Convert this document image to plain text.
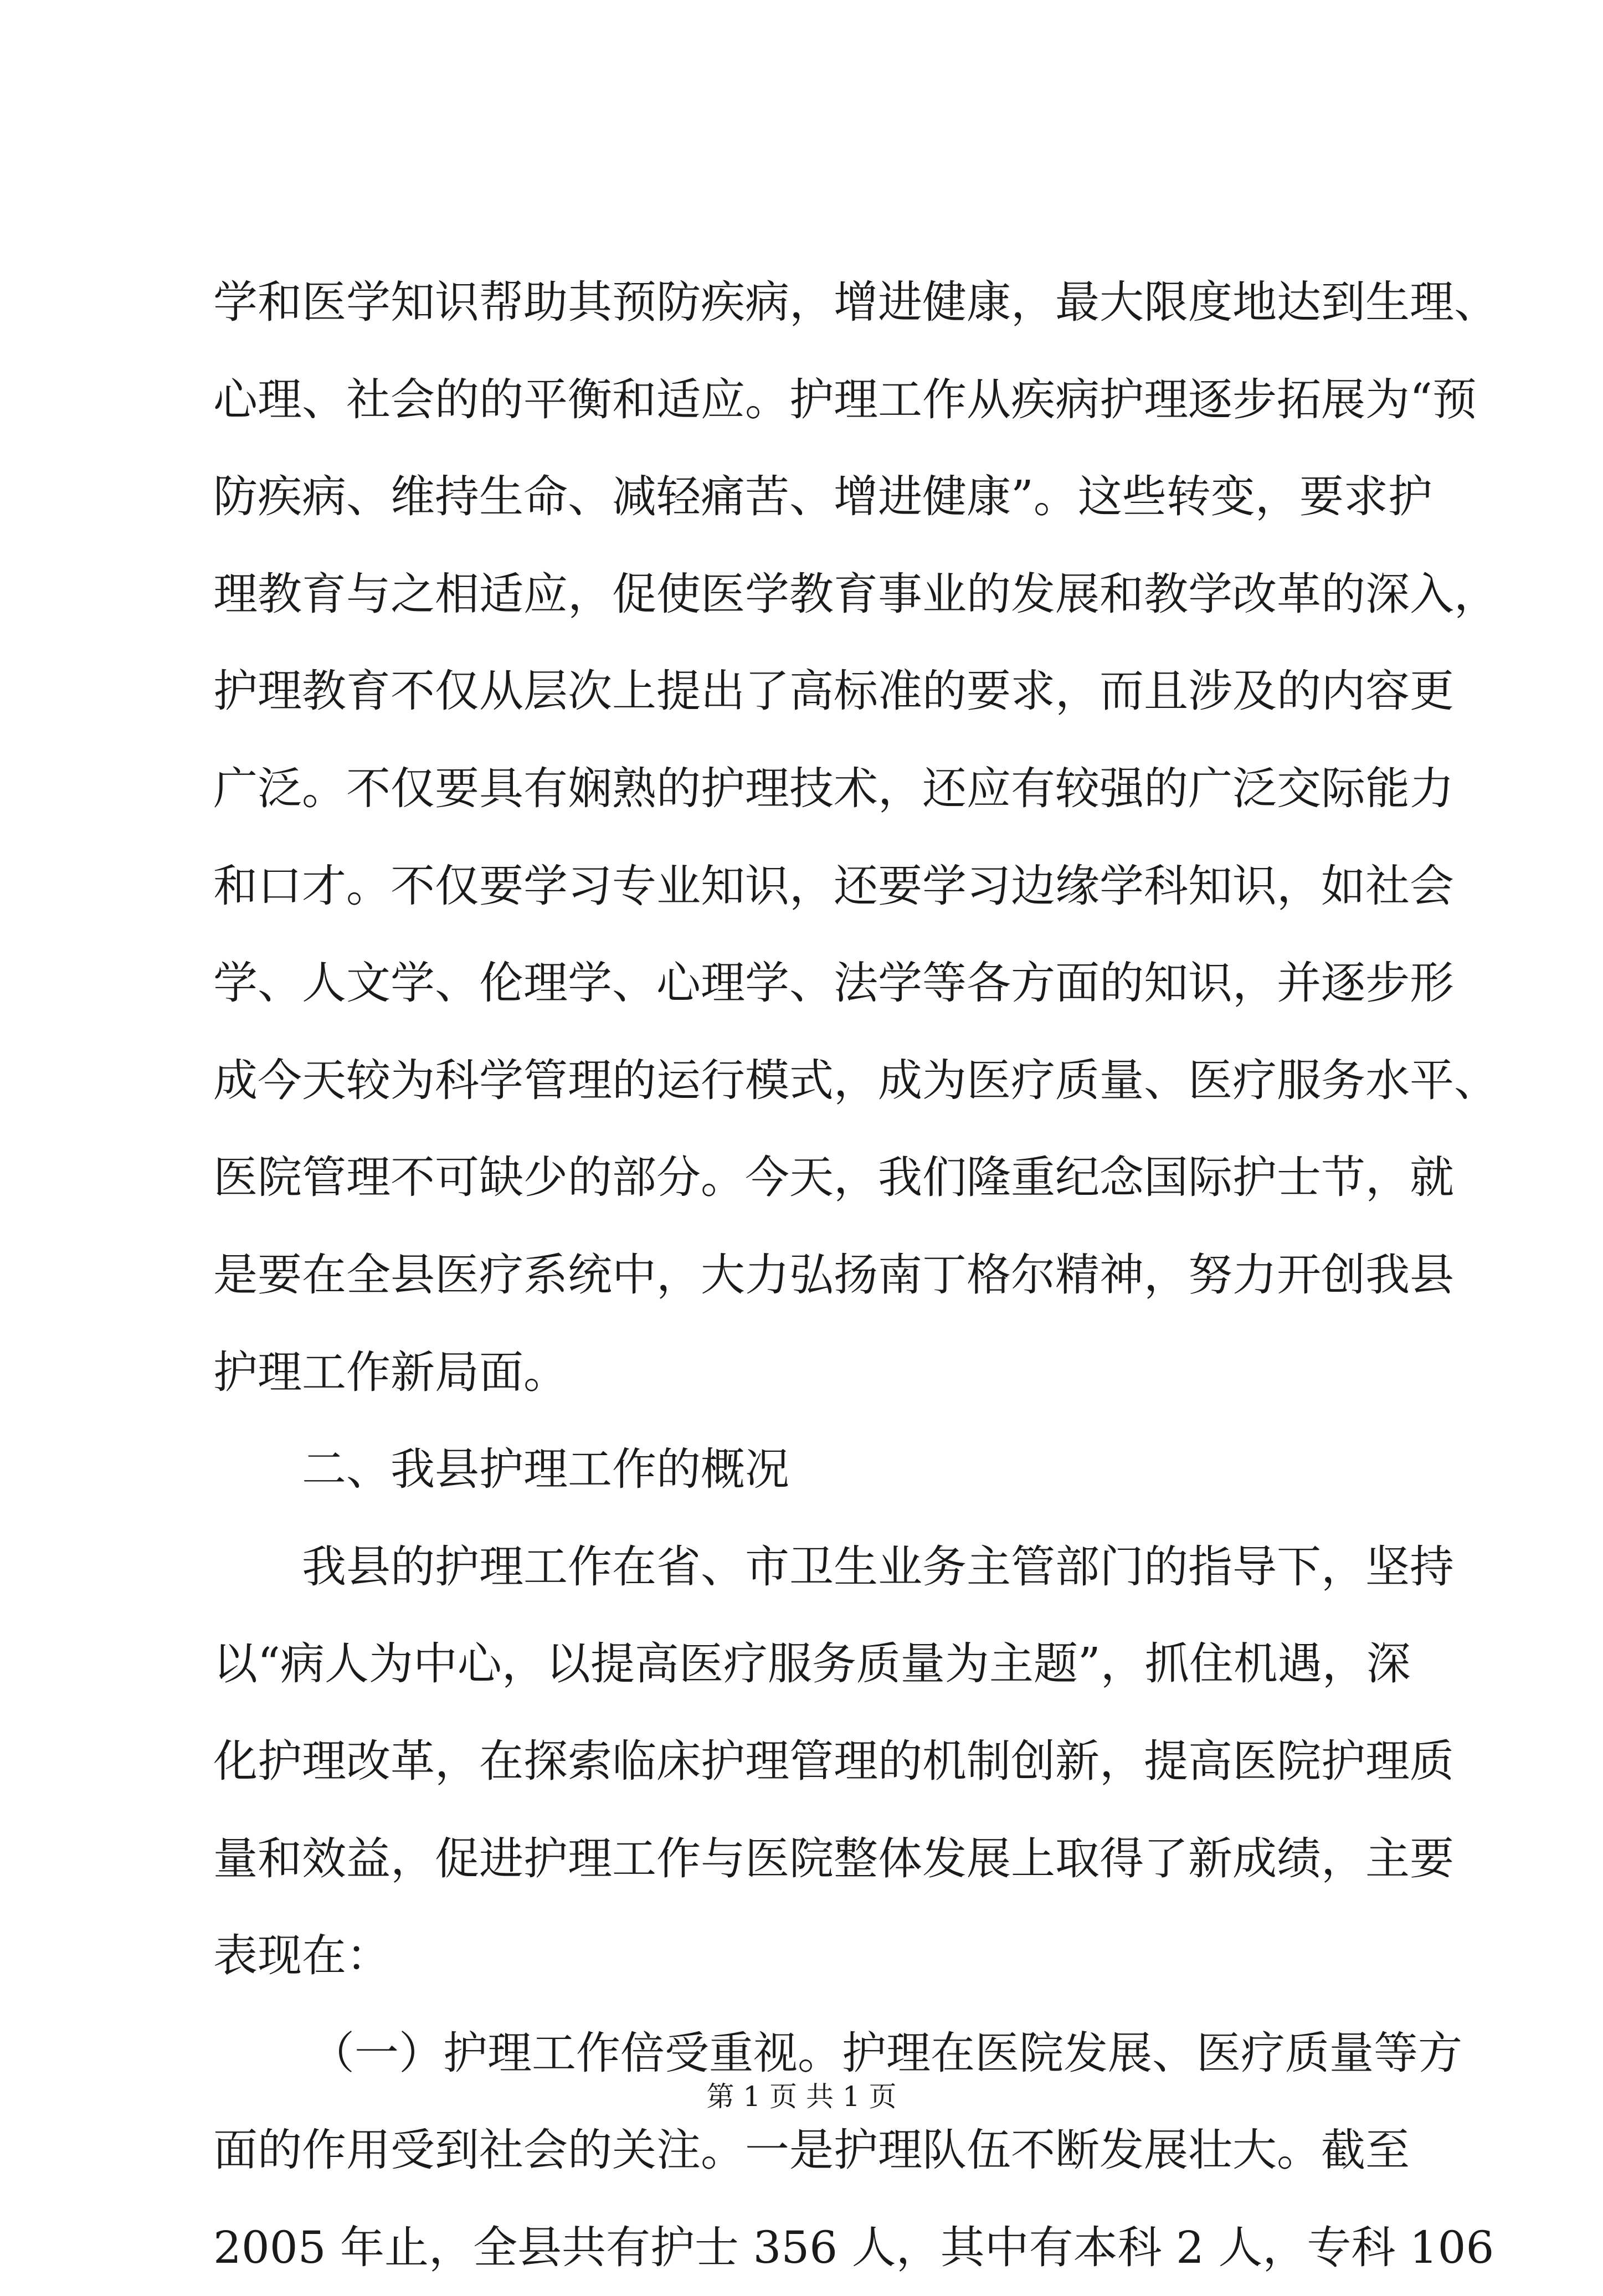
学和医学知识帮助其预防疾病，增进健康，最大限度地达到生理、
心理、社会的的平衡和适应。护理工作从疾病护理逐步拓展为“预
防疾病、维持生命、减轻痛苦、增进健康”。这些转变，要求护
理教育与之相适应，促使医学教育事业的发展和教学改革的深入，
护理教育不仅从层次上提出了高标准的要求，而且涉及的内容更
广泛。不仅要具有娴熟的护理技术，还应有较强的广泛交际能力
和口才。不仅要学习专业知识，还要学习边缘学科知识，如社会
学、人文学、伦理学、心理学、法学等各方面的知识，并逐步形
成今天较为科学管理的运行模式，成为医疗质量、医疗服务水平、
医院管理不可缺少的部分。今天，我们隆重纪念国际护士节，就
是要在全县医疗系统中，大力弘扬南丁格尔精神，努力开创我县
护理工作新局面。
二、我县护理工作的概况
我县的护理工作在省、市卫生业务主管部门的指导下，坚持
以“病人为中心，以提高医疗服务质量为主题”，抓住机遇，深
化护理改革，在探索临床护理管理的机制创新，提高医院护理质
量和效益，促进护理工作与医院整体发展上取得了新成绩，主要
表现在：
（一）护理工作倍受重视。护理在医院发展、医疗质量等方
面的作用受到社会的关注。一是护理队伍不断发展壮大。截至
2005 年止，全县共有护士 356 人，其中有本科 2 人，专科 106
第 1 页 共 1 页
